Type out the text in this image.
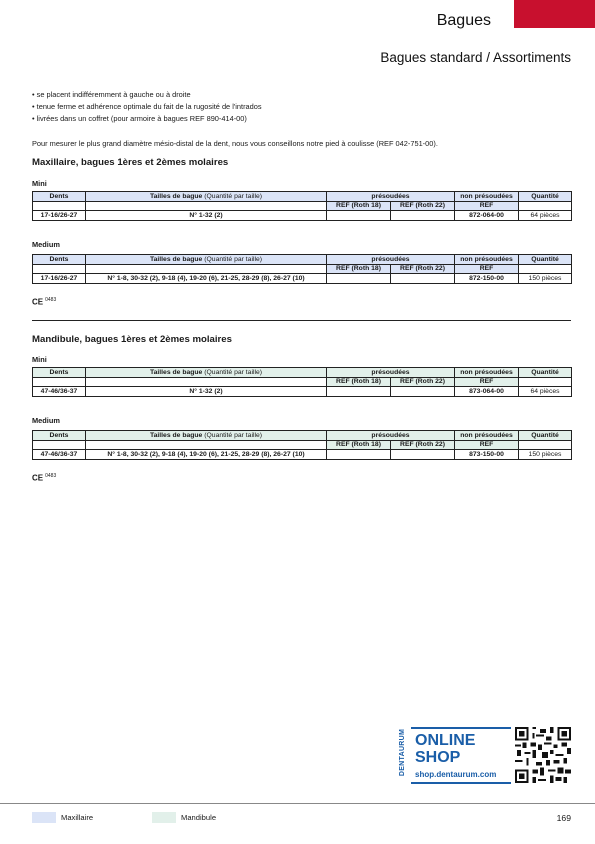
Bagues
Bagues standard / Assortiments
• se placent indifféremment à gauche ou à droite
• tenue ferme et adhérence optimale du fait de la rugosité de l'intrados
• livrées dans un coffret (pour armoire à bagues REF 890-414-00)
Pour mesurer le plus grand diamètre mésio-distal de la dent, nous vous conseillons notre pied à coulisse (REF 042-751-00).
Maxillaire, bagues 1ères et 2èmes molaires
Mini
Dents	Tailles de bague (Quantité par taille)	présoudées		non présoudées	Quantité
		REF (Roth 18)	REF (Roth 22)	REF	
17-16/26-27	N° 1-32 (2)			872-064-00	64 pièces
Medium
Dents	Tailles de bague (Quantité par taille)	présoudées		non présoudées	Quantité
		REF (Roth 18)	REF (Roth 22)	REF	
17-16/26-27	N° 1-8, 30-32 (2), 9-18 (4), 19-20 (6), 21-25, 28-29 (8), 26-27 (10)			872-150-00	150 pièces
CE $^{0483}$
Mandibule, bagues 1ères et 2èmes molaires
Mini
Dents	Tailles de bague (Quantité par taille)	présoudées		non présoudées	Quantité
		REF (Roth 18)	REF (Roth 22)	REF	
47-46/36-37	N° 1-32 (2)			873-064-00	64 pièces
Medium
Dents	Tailles de bague (Quantité par taille)	présoudées		non présoudées	Quantité
		REF (Roth 18)	REF (Roth 22)	REF	
47-46/36-37	N° 1-8, 30-32 (2), 9-18 (4), 19-20 (6), 21-25, 28-29 (8), 26-27 (10)			873-150-00	150 pièces
CE $^{0483}$
DENTAURUM ONLINE
SHOP
shop.dentaurum.com
Maxillaire	Mandibule	169
